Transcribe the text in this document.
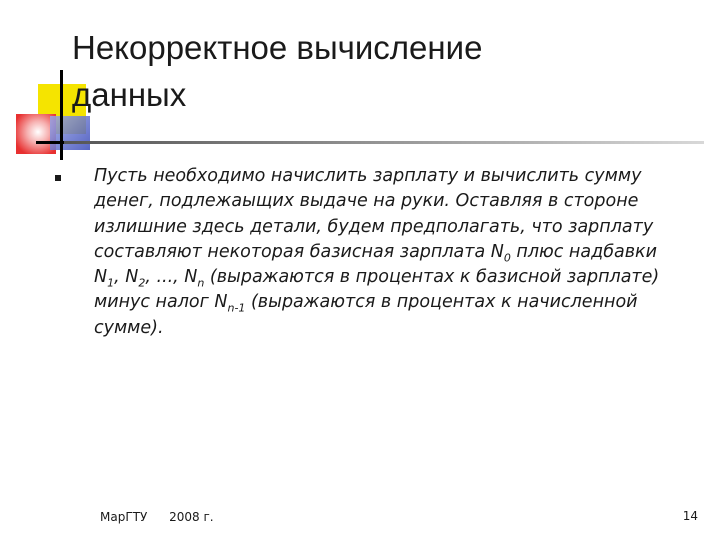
Некорректное вычисление
данных

Пусть необходимо начислить зарплату и вычислить сумму денег, подлежаыщих выдаче на руки. Оставляя в стороне излишние здесь детали, будем предполагать, что зарплату составляют некоторая базисная зарплата $N_0$ плюс надбавки $N_1$, $N_2$, ..., $N_n$ (выражаются в процентах к базисной зарплате) минус налог $N_{n-1}$ (выражаются в процентах к начисленной сумме).

МарГТУ 2008 г.	14
